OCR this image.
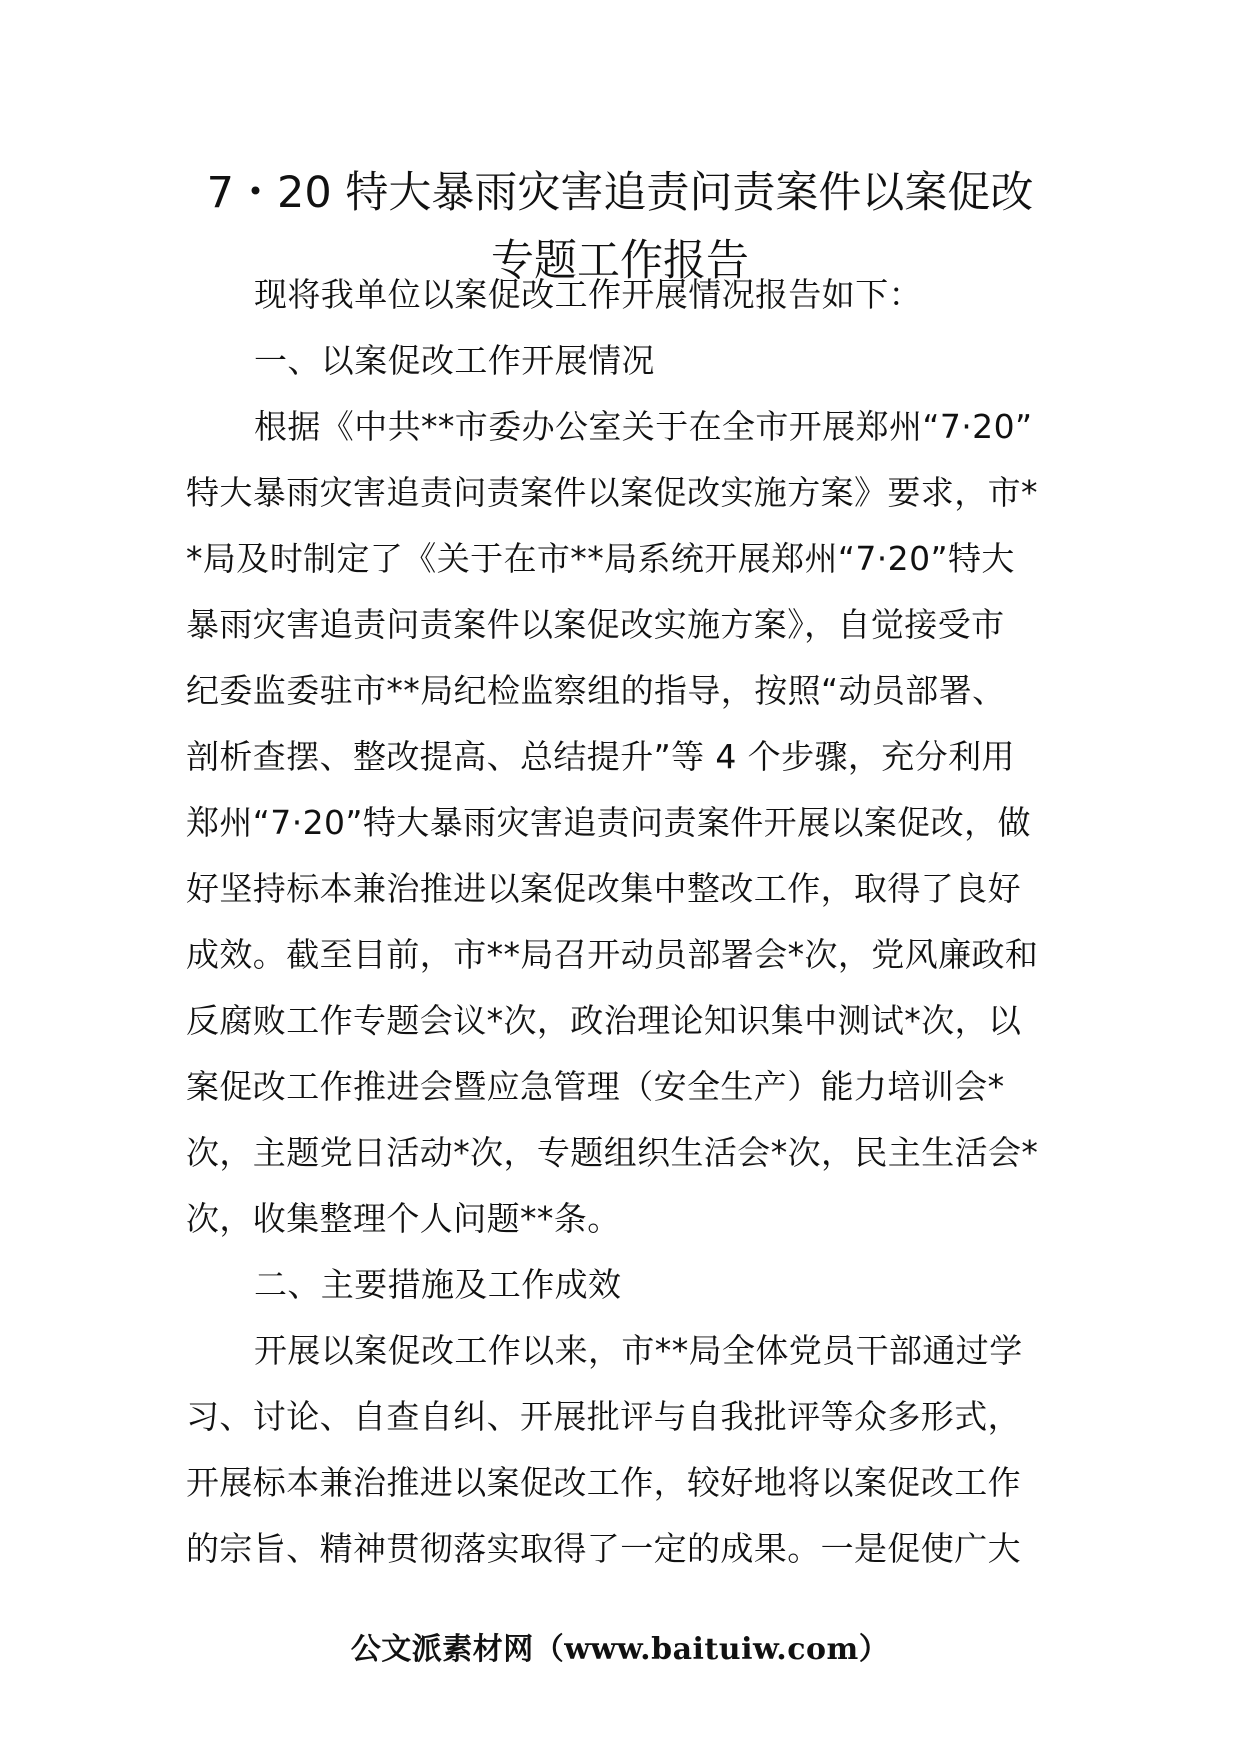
7・20 特大暴雨灾害追责问责案件以案促改
专题工作报告
现将我单位以案促改工作开展情况报告如下：
一、以案促改工作开展情况
根据《中共**市委办公室关于在全市开展郑州“7·20”
特大暴雨灾害追责问责案件以案促改实施方案》要求，市*
*局及时制定了《关于在市**局系统开展郑州“7·20”特大
暴雨灾害追责问责案件以案促改实施方案》，自觉接受市
纪委监委驻市**局纪检监察组的指导，按照“动员部署、
剖析查摆、整改提高、总结提升”等 4 个步骤，充分利用
郑州“7·20”特大暴雨灾害追责问责案件开展以案促改，做
好坚持标本兼治推进以案促改集中整改工作，取得了良好
成效。截至目前，市**局召开动员部署会*次，党风廉政和
反腐败工作专题会议*次，政治理论知识集中测试*次，以
案促改工作推进会暨应急管理（安全生产）能力培训会*
次，主题党日活动*次，专题组织生活会*次，民主生活会*
次，收集整理个人问题**条。
二、主要措施及工作成效
开展以案促改工作以来，市**局全体党员干部通过学
习、讨论、自查自纠、开展批评与自我批评等众多形式，
开展标本兼治推进以案促改工作，较好地将以案促改工作
的宗旨、精神贯彻落实取得了一定的成果。一是促使广大
公文派素材网（www.baituiw.com）
